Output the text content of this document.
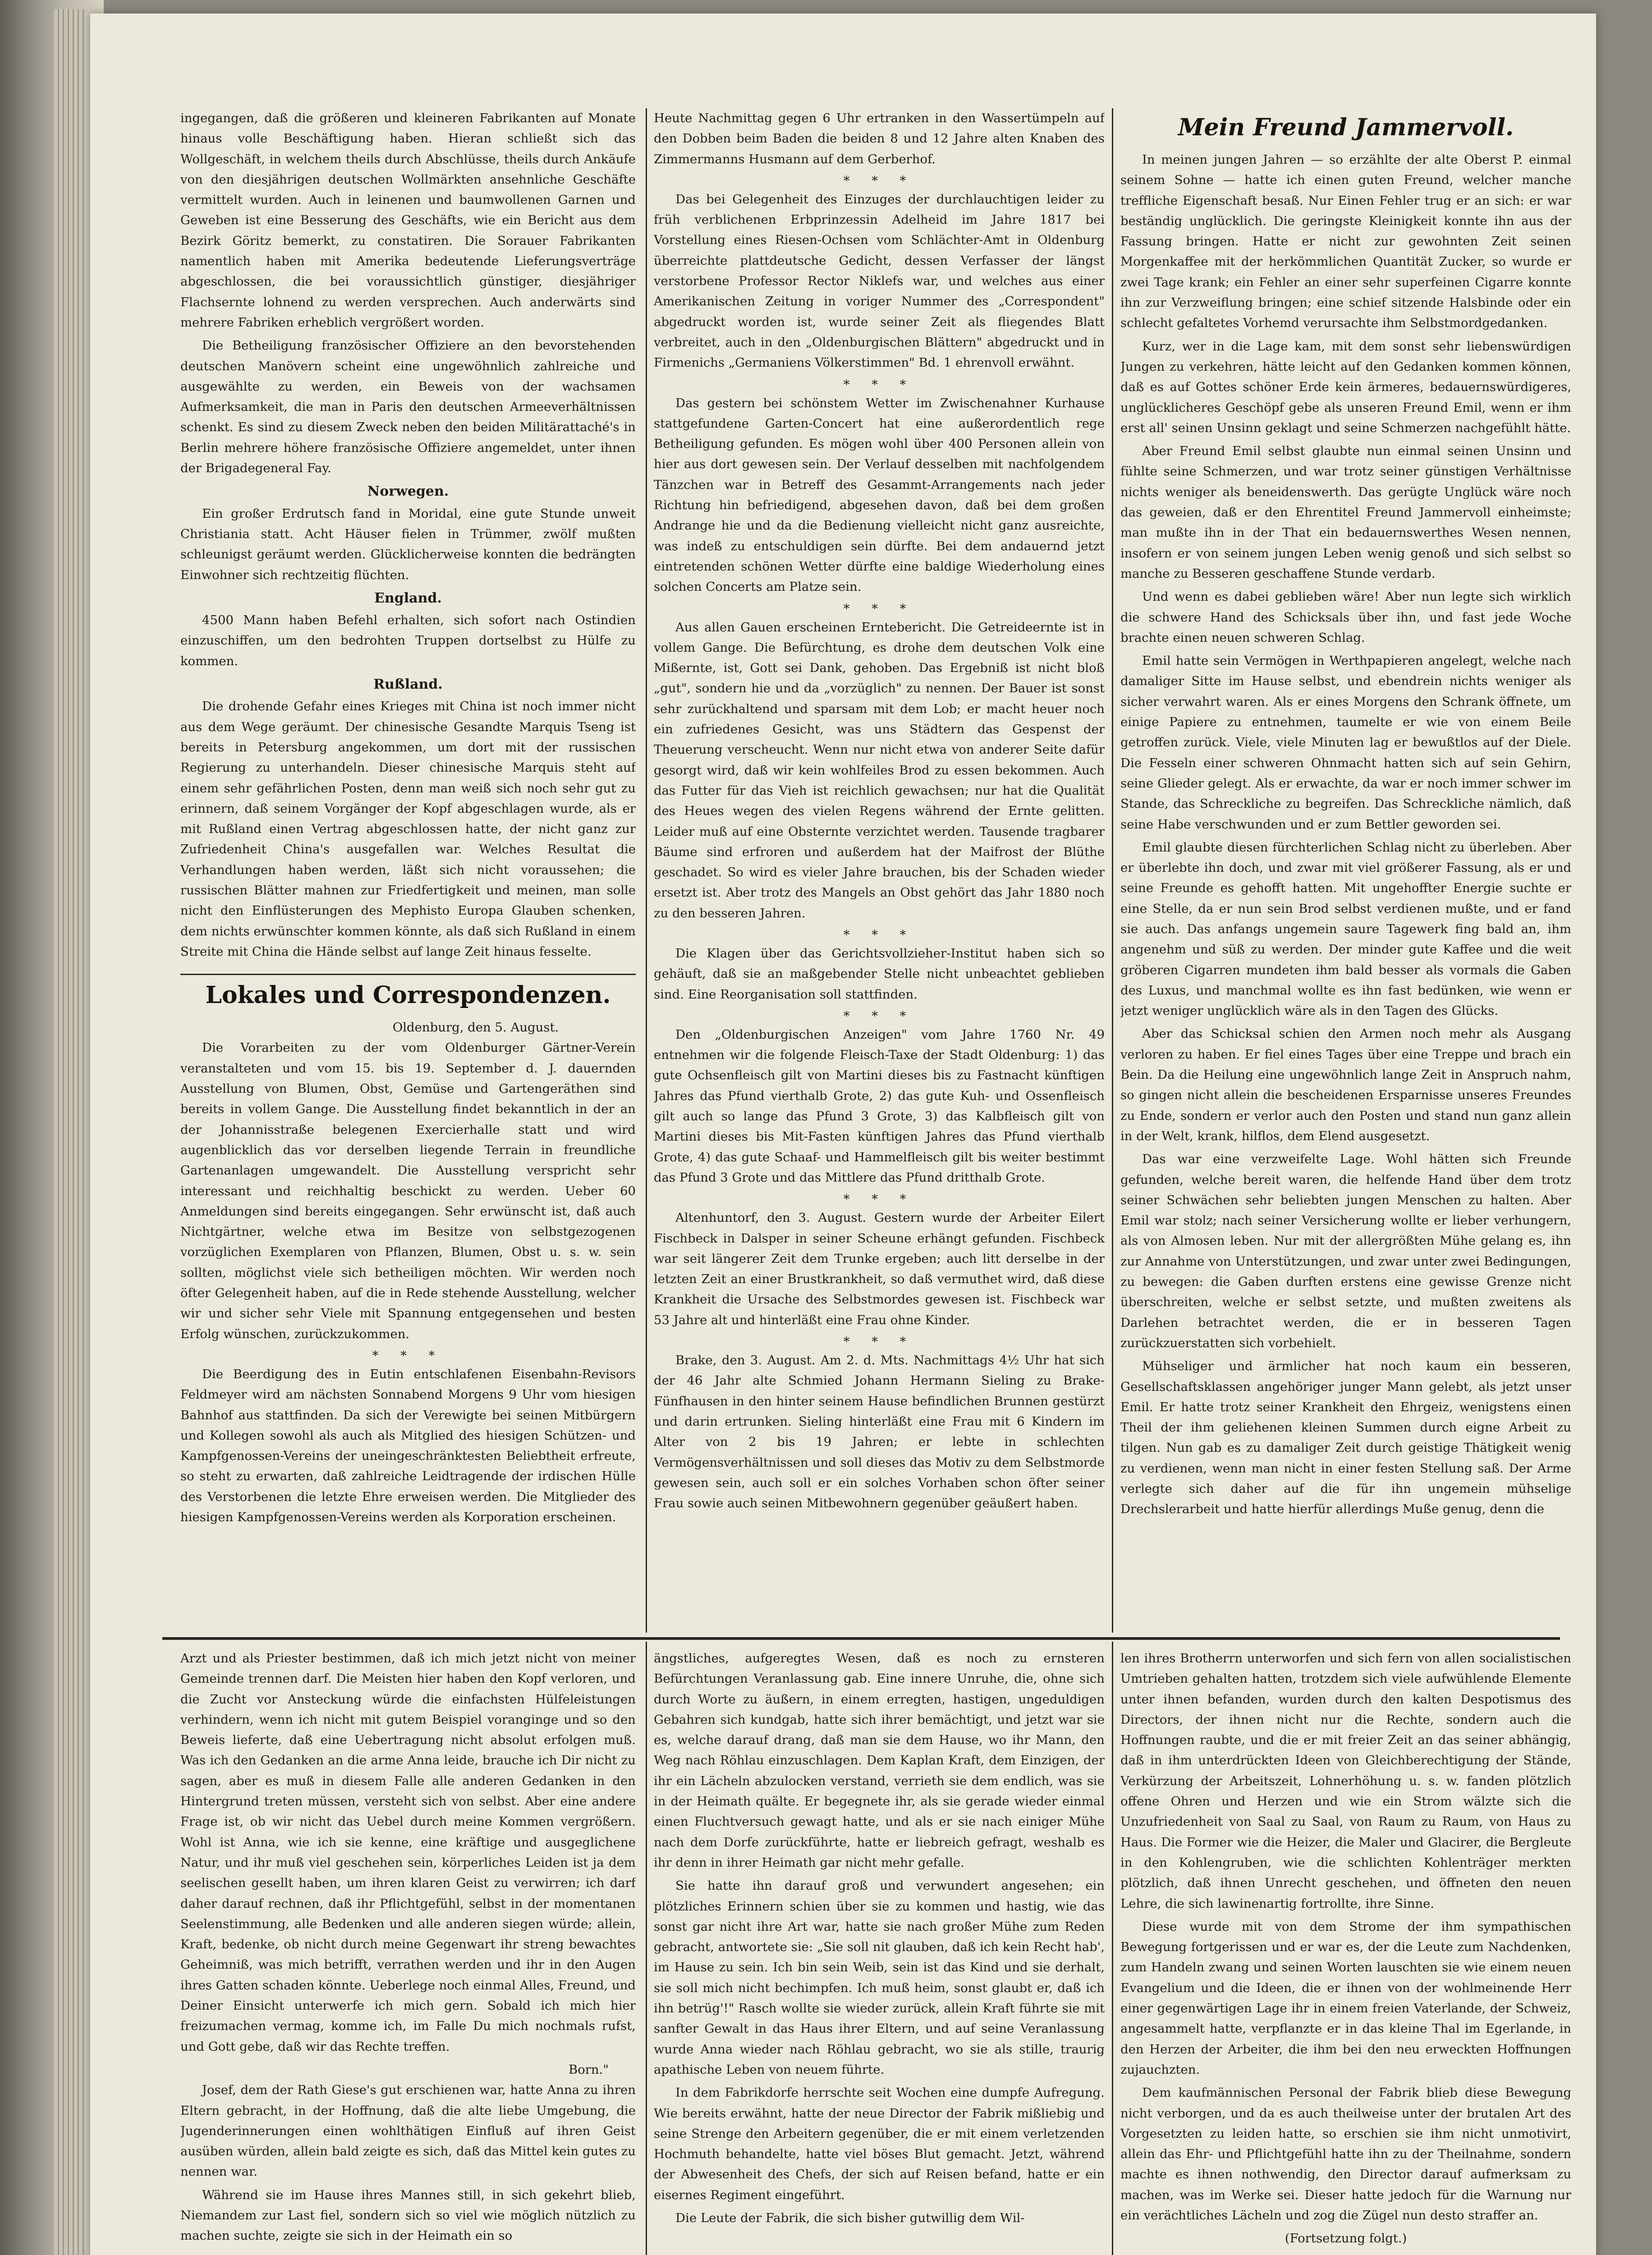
ingegangen, daß die größeren und kleineren Fabrikanten auf Monate hinaus volle Beschäftigung haben. Hieran schließt sich das Wollgeschäft, in welchem theils durch Abschlüsse, theils durch Ankäufe von den diesjährigen deutschen Wollmärkten ansehnliche Geschäfte vermittelt wurden. Auch in leinenen und baumwollenen Garnen und Geweben ist eine Besserung des Geschäfts, wie ein Bericht aus dem Bezirk Göritz bemerkt, zu constatiren. Die Sorauer Fabrikanten namentlich haben mit Amerika bedeutende Lieferungsverträge abgeschlossen, die bei voraussichtlich günstiger, diesjähriger Flachsernte lohnend zu werden versprechen. Auch anderwärts sind mehrere Fabriken erheblich vergrößert worden.

Die Betheiligung französischer Offiziere an den bevorstehenden deutschen Manövern scheint eine ungewöhnlich zahlreiche und ausgewählte zu werden, ein Beweis von der wachsamen Aufmerksamkeit, die man in Paris den deutschen Armeeverhältnissen schenkt. Es sind zu diesem Zweck neben den beiden Militärattaché's in Berlin mehrere höhere französische Offiziere angemeldet, unter ihnen der Brigadegeneral Fay.

Norwegen.

Ein großer Erdrutsch fand in Moridal, eine gute Stunde unweit Christiania statt. Acht Häuser fielen in Trümmer, zwölf mußten schleunigst geräumt werden. Glücklicherweise konnten die bedrängten Einwohner sich rechtzeitig flüchten.

England.

4500 Mann haben Befehl erhalten, sich sofort nach Ostindien einzuschiffen, um den bedrohten Truppen dortselbst zu Hülfe zu kommen.

Rußland.

Die drohende Gefahr eines Krieges mit China ist noch immer nicht aus dem Wege geräumt. Der chinesische Gesandte Marquis Tseng ist bereits in Petersburg angekommen, um dort mit der russischen Regierung zu unterhandeln. Dieser chinesische Marquis steht auf einem sehr gefährlichen Posten, denn man weiß sich noch sehr gut zu erinnern, daß seinem Vorgänger der Kopf abgeschlagen wurde, als er mit Rußland einen Vertrag abgeschlossen hatte, der nicht ganz zur Zufriedenheit China's ausgefallen war. Welches Resultat die Verhandlungen haben werden, läßt sich nicht voraussehen; die russischen Blätter mahnen zur Friedfertigkeit und meinen, man solle nicht den Einflüsterungen des Mephisto Europa Glauben schenken, dem nichts erwünschter kommen könnte, als daß sich Rußland in einem Streite mit China die Hände selbst auf lange Zeit hinaus fesselte.

Lokales und Correspondenzen.
Oldenburg, den 5. August.

Die Vorarbeiten zu der vom Oldenburger Gärtner-Verein veranstalteten und vom 15. bis 19. September d. J. dauernden Ausstellung von Blumen, Obst, Gemüse und Gartengeräthen sind bereits in vollem Gange. Die Ausstellung findet bekanntlich in der an der Johannisstraße belegenen Exercierhalle statt und wird augenblicklich das vor derselben liegende Terrain in freundliche Gartenanlagen umgewandelt. Die Ausstellung verspricht sehr interessant und reichhaltig beschickt zu werden. Ueber 60 Anmeldungen sind bereits eingegangen. Sehr erwünscht ist, daß auch Nichtgärtner, welche etwa im Besitze von selbstgezogenen vorzüglichen Exemplaren von Pflanzen, Blumen, Obst u. s. w. sein sollten, möglichst viele sich betheiligen möchten. Wir werden noch öfter Gelegenheit haben, auf die in Rede stehende Ausstellung, welcher wir und sicher sehr Viele mit Spannung entgegensehen und besten Erfolg wünschen, zurückzukommen.

* * *

Die Beerdigung des in Eutin entschlafenen Eisenbahn-Revisors Feldmeyer wird am nächsten Sonnabend Morgens 9 Uhr vom hiesigen Bahnhof aus stattfinden. Da sich der Verewigte bei seinen Mitbürgern und Kollegen sowohl als auch als Mitglied des hiesigen Schützen- und Kampfgenossen-Vereins der uneingeschränktesten Beliebtheit erfreute, so steht zu erwarten, daß zahlreiche Leidtragende der irdischen Hülle des Verstorbenen die letzte Ehre erweisen werden. Die Mitglieder des hiesigen Kampfgenossen-Vereins werden als Korporation erscheinen.

Heute Nachmittag gegen 6 Uhr ertranken in den Wassertümpeln auf den Dobben beim Baden die beiden 8 und 12 Jahre alten Knaben des Zimmermanns Husmann auf dem Gerberhof.

* * *

Das bei Gelegenheit des Einzuges der durchlauchtigen leider zu früh verblichenen Erbprinzessin Adelheid im Jahre 1817 bei Vorstellung eines Riesen-Ochsen vom Schlächter-Amt in Oldenburg überreichte plattdeutsche Gedicht, dessen Verfasser der längst verstorbene Professor Rector Niklefs war, und welches aus einer Amerikanischen Zeitung in voriger Nummer des „Correspondent" abgedruckt worden ist, wurde seiner Zeit als fliegendes Blatt verbreitet, auch in den „Oldenburgischen Blättern" abgedruckt und in Firmenichs „Germaniens Völkerstimmen" Bd. 1 ehrenvoll erwähnt.

* * *

Das gestern bei schönstem Wetter im Zwischenahner Kurhause stattgefundene Garten-Concert hat eine außerordentlich rege Betheiligung gefunden. Es mögen wohl über 400 Personen allein von hier aus dort gewesen sein. Der Verlauf desselben mit nachfolgendem Tänzchen war in Betreff des Gesammt-Arrangements nach jeder Richtung hin befriedigend, abgesehen davon, daß bei dem großen Andrange hie und da die Bedienung vielleicht nicht ganz ausreichte, was indeß zu entschuldigen sein dürfte. Bei dem andauernd jetzt eintretenden schönen Wetter dürfte eine baldige Wiederholung eines solchen Concerts am Platze sein.

* * *

Aus allen Gauen erscheinen Erntebericht. Die Getreideernte ist in vollem Gange. Die Befürchtung, es drohe dem deutschen Volk eine Mißernte, ist, Gott sei Dank, gehoben. Das Ergebniß ist nicht bloß „gut", sondern hie und da „vorzüglich" zu nennen. Der Bauer ist sonst sehr zurückhaltend und sparsam mit dem Lob; er macht heuer noch ein zufriedenes Gesicht, was uns Städtern das Gespenst der Theuerung verscheucht. Wenn nur nicht etwa von anderer Seite dafür gesorgt wird, daß wir kein wohlfeiles Brod zu essen bekommen. Auch das Futter für das Vieh ist reichlich gewachsen; nur hat die Qualität des Heues wegen des vielen Regens während der Ernte gelitten. Leider muß auf eine Obsternte verzichtet werden. Tausende tragbarer Bäume sind erfroren und außerdem hat der Maifrost der Blüthe geschadet. So wird es vieler Jahre brauchen, bis der Schaden wieder ersetzt ist. Aber trotz des Mangels an Obst gehört das Jahr 1880 noch zu den besseren Jahren.

* * *

Die Klagen über das Gerichtsvollzieher-Institut haben sich so gehäuft, daß sie an maßgebender Stelle nicht unbeachtet geblieben sind. Eine Reorganisation soll stattfinden.

* * *

Den „Oldenburgischen Anzeigen" vom Jahre 1760 Nr. 49 entnehmen wir die folgende Fleisch-Taxe der Stadt Oldenburg: 1) das gute Ochsenfleisch gilt von Martini dieses bis zu Fastnacht künftigen Jahres das Pfund vierthalb Grote, 2) das gute Kuh- und Ossenfleisch gilt auch so lange das Pfund 3 Grote, 3) das Kalbfleisch gilt von Martini dieses bis Mit-Fasten künftigen Jahres das Pfund vierthalb Grote, 4) das gute Schaaf- und Hammelfleisch gilt bis weiter bestimmt das Pfund 3 Grote und das Mittlere das Pfund dritthalb Grote.

* * *

Altenhuntorf, den 3. August. Gestern wurde der Arbeiter Eilert Fischbeck in Dalsper in seiner Scheune erhängt gefunden. Fischbeck war seit längerer Zeit dem Trunke ergeben; auch litt derselbe in der letzten Zeit an einer Brustkrankheit, so daß vermuthet wird, daß diese Krankheit die Ursache des Selbstmordes gewesen ist. Fischbeck war 53 Jahre alt und hinterläßt eine Frau ohne Kinder.

* * *

Brake, den 3. August. Am 2. d. Mts. Nachmittags 4½ Uhr hat sich der 46 Jahr alte Schmied Johann Hermann Sieling zu Brake-Fünfhausen in den hinter seinem Hause befindlichen Brunnen gestürzt und darin ertrunken. Sieling hinterläßt eine Frau mit 6 Kindern im Alter von 2 bis 19 Jahren; er lebte in schlechten Vermögensverhältnissen und soll dieses das Motiv zu dem Selbstmorde gewesen sein, auch soll er ein solches Vorhaben schon öfter seiner Frau sowie auch seinen Mitbewohnern gegenüber geäußert haben.

Mein Freund Jammervoll.

In meinen jungen Jahren — so erzählte der alte Oberst P. einmal seinem Sohne — hatte ich einen guten Freund, welcher manche treffliche Eigenschaft besaß. Nur Einen Fehler trug er an sich: er war beständig unglücklich. Die geringste Kleinigkeit konnte ihn aus der Fassung bringen. Hatte er nicht zur gewohnten Zeit seinen Morgenkaffee mit der herkömmlichen Quantität Zucker, so wurde er zwei Tage krank; ein Fehler an einer sehr superfeinen Cigarre konnte ihn zur Verzweiflung bringen; eine schief sitzende Halsbinde oder ein schlecht gefaltetes Vorhemd verursachte ihm Selbstmordgedanken.

Kurz, wer in die Lage kam, mit dem sonst sehr liebenswürdigen Jungen zu verkehren, hätte leicht auf den Gedanken kommen können, daß es auf Gottes schöner Erde kein ärmeres, bedauernswürdigeres, unglücklicheres Geschöpf gebe als unseren Freund Emil, wenn er ihm erst all' seinen Unsinn geklagt und seine Schmerzen nachgefühlt hätte.

Aber Freund Emil selbst glaubte nun einmal seinen Unsinn und fühlte seine Schmerzen, und war trotz seiner günstigen Verhältnisse nichts weniger als beneidenswerth. Das gerügte Unglück wäre noch das geweien, daß er den Ehrentitel Freund Jammervoll einheimste; man mußte ihn in der That ein bedauernswerthes Wesen nennen, insofern er von seinem jungen Leben wenig genoß und sich selbst so manche zu Besseren geschaffene Stunde verdarb.

Und wenn es dabei geblieben wäre! Aber nun legte sich wirklich die schwere Hand des Schicksals über ihn, und fast jede Woche brachte einen neuen schweren Schlag.

Emil hatte sein Vermögen in Werthpapieren angelegt, welche nach damaliger Sitte im Hause selbst, und ebendrein nichts weniger als sicher verwahrt waren. Als er eines Morgens den Schrank öffnete, um einige Papiere zu entnehmen, taumelte er wie von einem Beile getroffen zurück. Viele, viele Minuten lag er bewußtlos auf der Diele. Die Fesseln einer schweren Ohnmacht hatten sich auf sein Gehirn, seine Glieder gelegt. Als er erwachte, da war er noch immer schwer im Stande, das Schreckliche zu begreifen. Das Schreckliche nämlich, daß seine Habe verschwunden und er zum Bettler geworden sei.

Emil glaubte diesen fürchterlichen Schlag nicht zu überleben. Aber er überlebte ihn doch, und zwar mit viel größerer Fassung, als er und seine Freunde es gehofft hatten. Mit ungehoffter Energie suchte er eine Stelle, da er nun sein Brod selbst verdienen mußte, und er fand sie auch. Das anfangs ungemein saure Tagewerk fing bald an, ihm angenehm und süß zu werden. Der minder gute Kaffee und die weit gröberen Cigarren mundeten ihm bald besser als vormals die Gaben des Luxus, und manchmal wollte es ihn fast bedünken, wie wenn er jetzt weniger unglücklich wäre als in den Tagen des Glücks.

Aber das Schicksal schien den Armen noch mehr als Ausgang verloren zu haben. Er fiel eines Tages über eine Treppe und brach ein Bein. Da die Heilung eine ungewöhnlich lange Zeit in Anspruch nahm, so gingen nicht allein die bescheidenen Ersparnisse unseres Freundes zu Ende, sondern er verlor auch den Posten und stand nun ganz allein in der Welt, krank, hilflos, dem Elend ausgesetzt.

Das war eine verzweifelte Lage. Wohl hätten sich Freunde gefunden, welche bereit waren, die helfende Hand über dem trotz seiner Schwächen sehr beliebten jungen Menschen zu halten. Aber Emil war stolz; nach seiner Versicherung wollte er lieber verhungern, als von Almosen leben. Nur mit der allergrößten Mühe gelang es, ihn zur Annahme von Unterstützungen, und zwar unter zwei Bedingungen, zu bewegen: die Gaben durften erstens eine gewisse Grenze nicht überschreiten, welche er selbst setzte, und mußten zweitens als Darlehen betrachtet werden, die er in besseren Tagen zurückzuerstatten sich vorbehielt.

Mühseliger und ärmlicher hat noch kaum ein besseren, Gesellschaftsklassen angehöriger junger Mann gelebt, als jetzt unser Emil. Er hatte trotz seiner Krankheit den Ehrgeiz, wenigstens einen Theil der ihm geliehenen kleinen Summen durch eigne Arbeit zu tilgen. Nun gab es zu damaliger Zeit durch geistige Thätigkeit wenig zu verdienen, wenn man nicht in einer festen Stellung saß. Der Arme verlegte sich daher auf die für ihn ungemein mühselige Drechslerarbeit und hatte hierfür allerdings Muße genug, denn die

Arzt und als Priester bestimmen, daß ich mich jetzt nicht von meiner Gemeinde trennen darf. Die Meisten hier haben den Kopf verloren, und die Zucht vor Ansteckung würde die einfachsten Hülfeleistungen verhindern, wenn ich nicht mit gutem Beispiel voranginge und so den Beweis lieferte, daß eine Uebertragung nicht absolut erfolgen muß. Was ich den Gedanken an die arme Anna leide, brauche ich Dir nicht zu sagen, aber es muß in diesem Falle alle anderen Gedanken in den Hintergrund treten müssen, versteht sich von selbst. Aber eine andere Frage ist, ob wir nicht das Uebel durch meine Kommen vergrößern. Wohl ist Anna, wie ich sie kenne, eine kräftige und ausgeglichene Natur, und ihr muß viel geschehen sein, körperliches Leiden ist ja dem seelischen gesellt haben, um ihren klaren Geist zu verwirren; ich darf daher darauf rechnen, daß ihr Pflichtgefühl, selbst in der momentanen Seelenstimmung, alle Bedenken und alle anderen siegen würde; allein, Kraft, bedenke, ob nicht durch meine Gegenwart ihr streng bewachtes Geheimniß, was mich betrifft, verrathen werden und ihr in den Augen ihres Gatten schaden könnte. Ueberlege noch einmal Alles, Freund, und Deiner Einsicht unterwerfe ich mich gern. Sobald ich mich hier freizumachen vermag, komme ich, im Falle Du mich nochmals rufst, und Gott gebe, daß wir das Rechte treffen.

Born."

Josef, dem der Rath Giese's gut erschienen war, hatte Anna zu ihren Eltern gebracht, in der Hoffnung, daß die alte liebe Umgebung, die Jugenderinnerungen einen wohlthätigen Einfluß auf ihren Geist ausüben würden, allein bald zeigte es sich, daß das Mittel kein gutes zu nennen war.

Während sie im Hause ihres Mannes still, in sich gekehrt blieb, Niemandem zur Last fiel, sondern sich so viel wie möglich nützlich zu machen suchte, zeigte sie sich in der Heimath ein so

ängstliches, aufgeregtes Wesen, daß es noch zu ernsteren Befürchtungen Veranlassung gab. Eine innere Unruhe, die, ohne sich durch Worte zu äußern, in einem erregten, hastigen, ungeduldigen Gebahren sich kundgab, hatte sich ihrer bemächtigt, und jetzt war sie es, welche darauf drang, daß man sie dem Hause, wo ihr Mann, den Weg nach Röhlau einzuschlagen. Dem Kaplan Kraft, dem Einzigen, der ihr ein Lächeln abzulocken verstand, verrieth sie dem endlich, was sie in der Heimath quälte. Er begegnete ihr, als sie gerade wieder einmal einen Fluchtversuch gewagt hatte, und als er sie nach einiger Mühe nach dem Dorfe zurückführte, hatte er liebreich gefragt, weshalb es ihr denn in ihrer Heimath gar nicht mehr gefalle.

Sie hatte ihn darauf groß und verwundert angesehen; ein plötzliches Erinnern schien über sie zu kommen und hastig, wie das sonst gar nicht ihre Art war, hatte sie nach großer Mühe zum Reden gebracht, antwortete sie: „Sie soll nit glauben, daß ich kein Recht hab', im Hause zu sein. Ich bin sein Weib, sein ist das Kind und sie derhalt, sie soll mich nicht bechimpfen. Ich muß heim, sonst glaubt er, daß ich ihn betrüg'!" Rasch wollte sie wieder zurück, allein Kraft führte sie mit sanfter Gewalt in das Haus ihrer Eltern, und auf seine Veranlassung wurde Anna wieder nach Röhlau gebracht, wo sie als stille, traurig apathische Leben von neuem führte.

In dem Fabrikdorfe herrschte seit Wochen eine dumpfe Aufregung. Wie bereits erwähnt, hatte der neue Director der Fabrik mißliebig und seine Strenge den Arbeitern gegenüber, die er mit einem verletzenden Hochmuth behandelte, hatte viel böses Blut gemacht. Jetzt, während der Abwesenheit des Chefs, der sich auf Reisen befand, hatte er ein eisernes Regiment eingeführt.

Die Leute der Fabrik, die sich bisher gutwillig dem Wil-

len ihres Brotherrn unterworfen und sich fern von allen socialistischen Umtrieben gehalten hatten, trotzdem sich viele aufwühlende Elemente unter ihnen befanden, wurden durch den kalten Despotismus des Directors, der ihnen nicht nur die Rechte, sondern auch die Hoffnungen raubte, und die er mit freier Zeit an das seiner abhängig, daß in ihm unterdrückten Ideen von Gleichberechtigung der Stände, Verkürzung der Arbeitszeit, Lohnerhöhung u. s. w. fanden plötzlich offene Ohren und Herzen und wie ein Strom wälzte sich die Unzufriedenheit von Saal zu Saal, von Raum zu Raum, von Haus zu Haus. Die Former wie die Heizer, die Maler und Glacirer, die Bergleute in den Kohlengruben, wie die schlichten Kohlenträger merkten plötzlich, daß ihnen Unrecht geschehen, und öffneten den neuen Lehre, die sich lawinenartig fortrollte, ihre Sinne.

Diese wurde mit von dem Strome der ihm sympathischen Bewegung fortgerissen und er war es, der die Leute zum Nachdenken, zum Handeln zwang und seinen Worten lauschten sie wie einem neuen Evangelium und die Ideen, die er ihnen von der wohlmeinende Herr einer gegenwärtigen Lage ihr in einem freien Vaterlande, der Schweiz, angesammelt hatte, verpflanzte er in das kleine Thal im Egerlande, in den Herzen der Arbeiter, die ihm bei den neu erweckten Hoffnungen zujauchzten.

Dem kaufmännischen Personal der Fabrik blieb diese Bewegung nicht verborgen, und da es auch theilweise unter der brutalen Art des Vorgesetzten zu leiden hatte, so erschien sie ihm nicht unmotivirt, allein das Ehr- und Pflichtgefühl hatte ihn zu der Theilnahme, sondern machte es ihnen nothwendig, den Director darauf aufmerksam zu machen, was im Werke sei. Dieser hatte jedoch für die Warnung nur ein verächtliches Lächeln und zog die Zügel nun desto straffer an.

(Fortsetzung folgt.)
